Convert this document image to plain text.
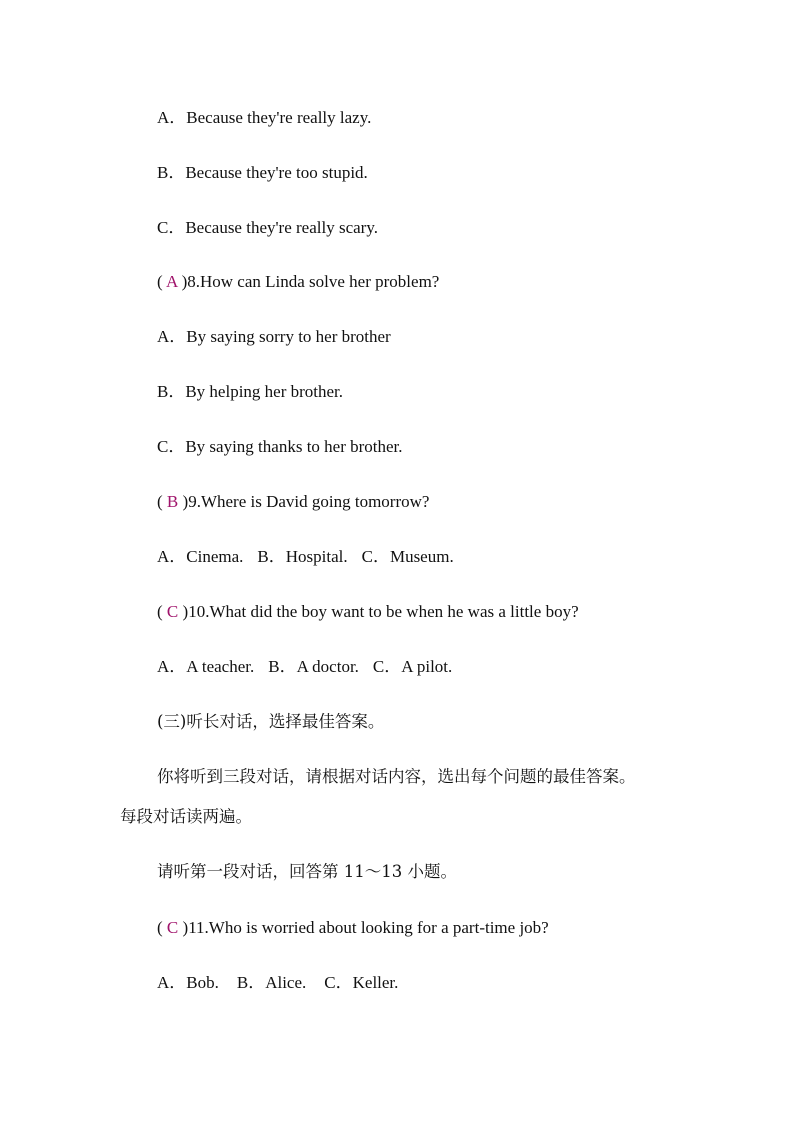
A．Because they're really lazy.
B．Because they're too stupid.
C．Because they're really scary.
( A )8.How can Linda solve her problem?
A．By saying sorry to her brother
B．By helping her brother.
C．By saying thanks to her brother.
( B )9.Where is David going tomorrow?
A．Cinema. B．Hospital. C．Museum.
( C )10.What did the boy want to be when he was a little boy?
A．A teacher. B．A doctor. C．A pilot.
(三)听长对话，选择最佳答案。
你将听到三段对话，请根据对话内容，选出每个问题的最佳答案。
每段对话读两遍。
请听第一段对话，回答第 11～13 小题。
( C )11.Who is worried about looking for a part-time job?
A．Bob. B．Alice. C．Keller.
